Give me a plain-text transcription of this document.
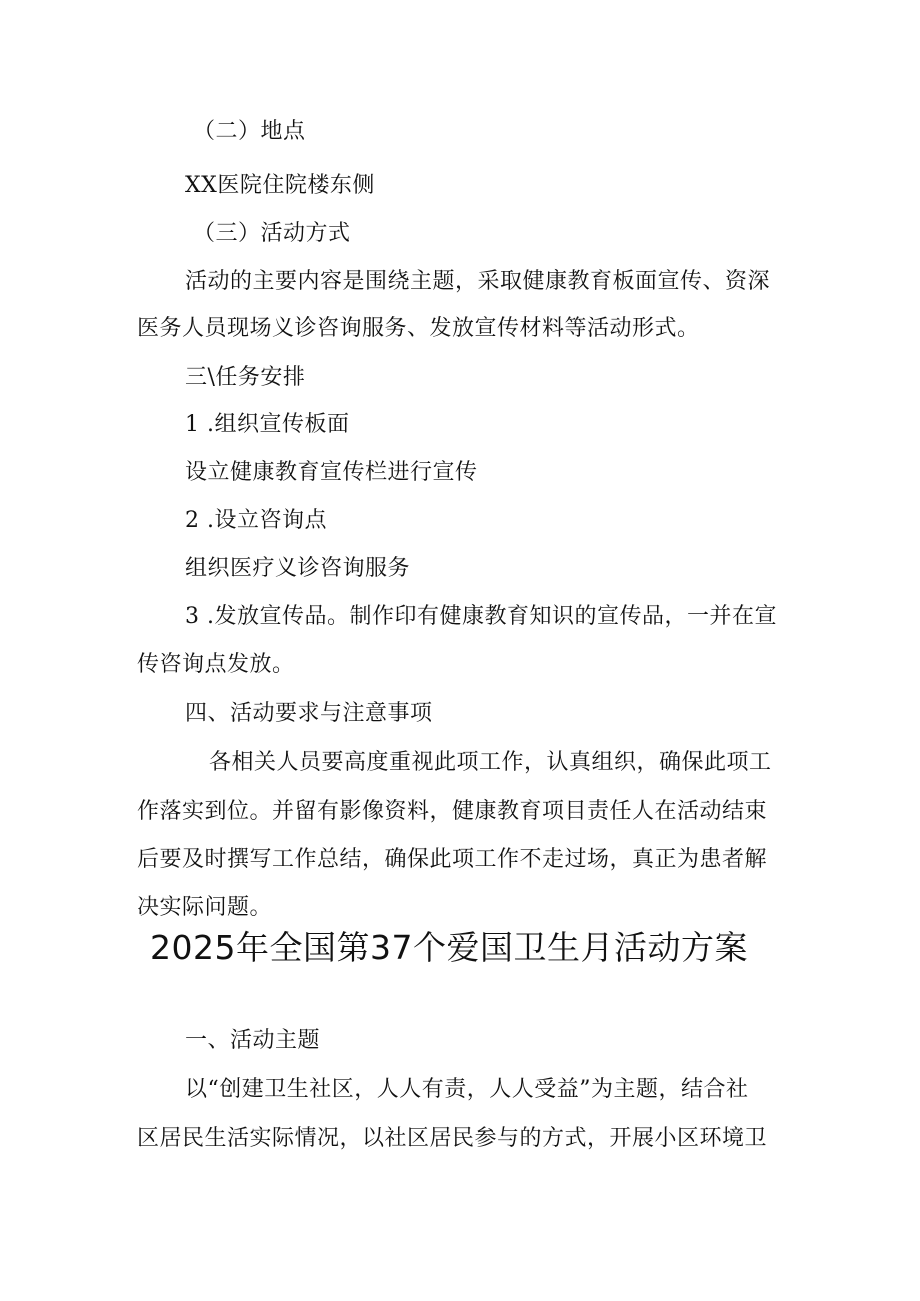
（二）地点
XX医院住院楼东侧
（三）活动方式
活动的主要内容是围绕主题，采取健康教育板面宣传、资深
医务人员现场义诊咨询服务、发放宣传材料等活动形式。
三\任务安排
1 .组织宣传板面
设立健康教育宣传栏进行宣传
2 .设立咨询点
组织医疗义诊咨询服务
3 .发放宣传品。制作印有健康教育知识的宣传品，一并在宣
传咨询点发放。
四、活动要求与注意事项
各相关人员要高度重视此项工作，认真组织，确保此项工
作落实到位。并留有影像资料，健康教育项目责任人在活动结束
后要及时撰写工作总结，确保此项工作不走过场，真正为患者解
决实际问题。
2025年全国第37个爱国卫生月活动方案
一、活动主题
以“创建卫生社区，人人有责，人人受益”为主题，结合社
区居民生活实际情况，以社区居民参与的方式，开展小区环境卫
